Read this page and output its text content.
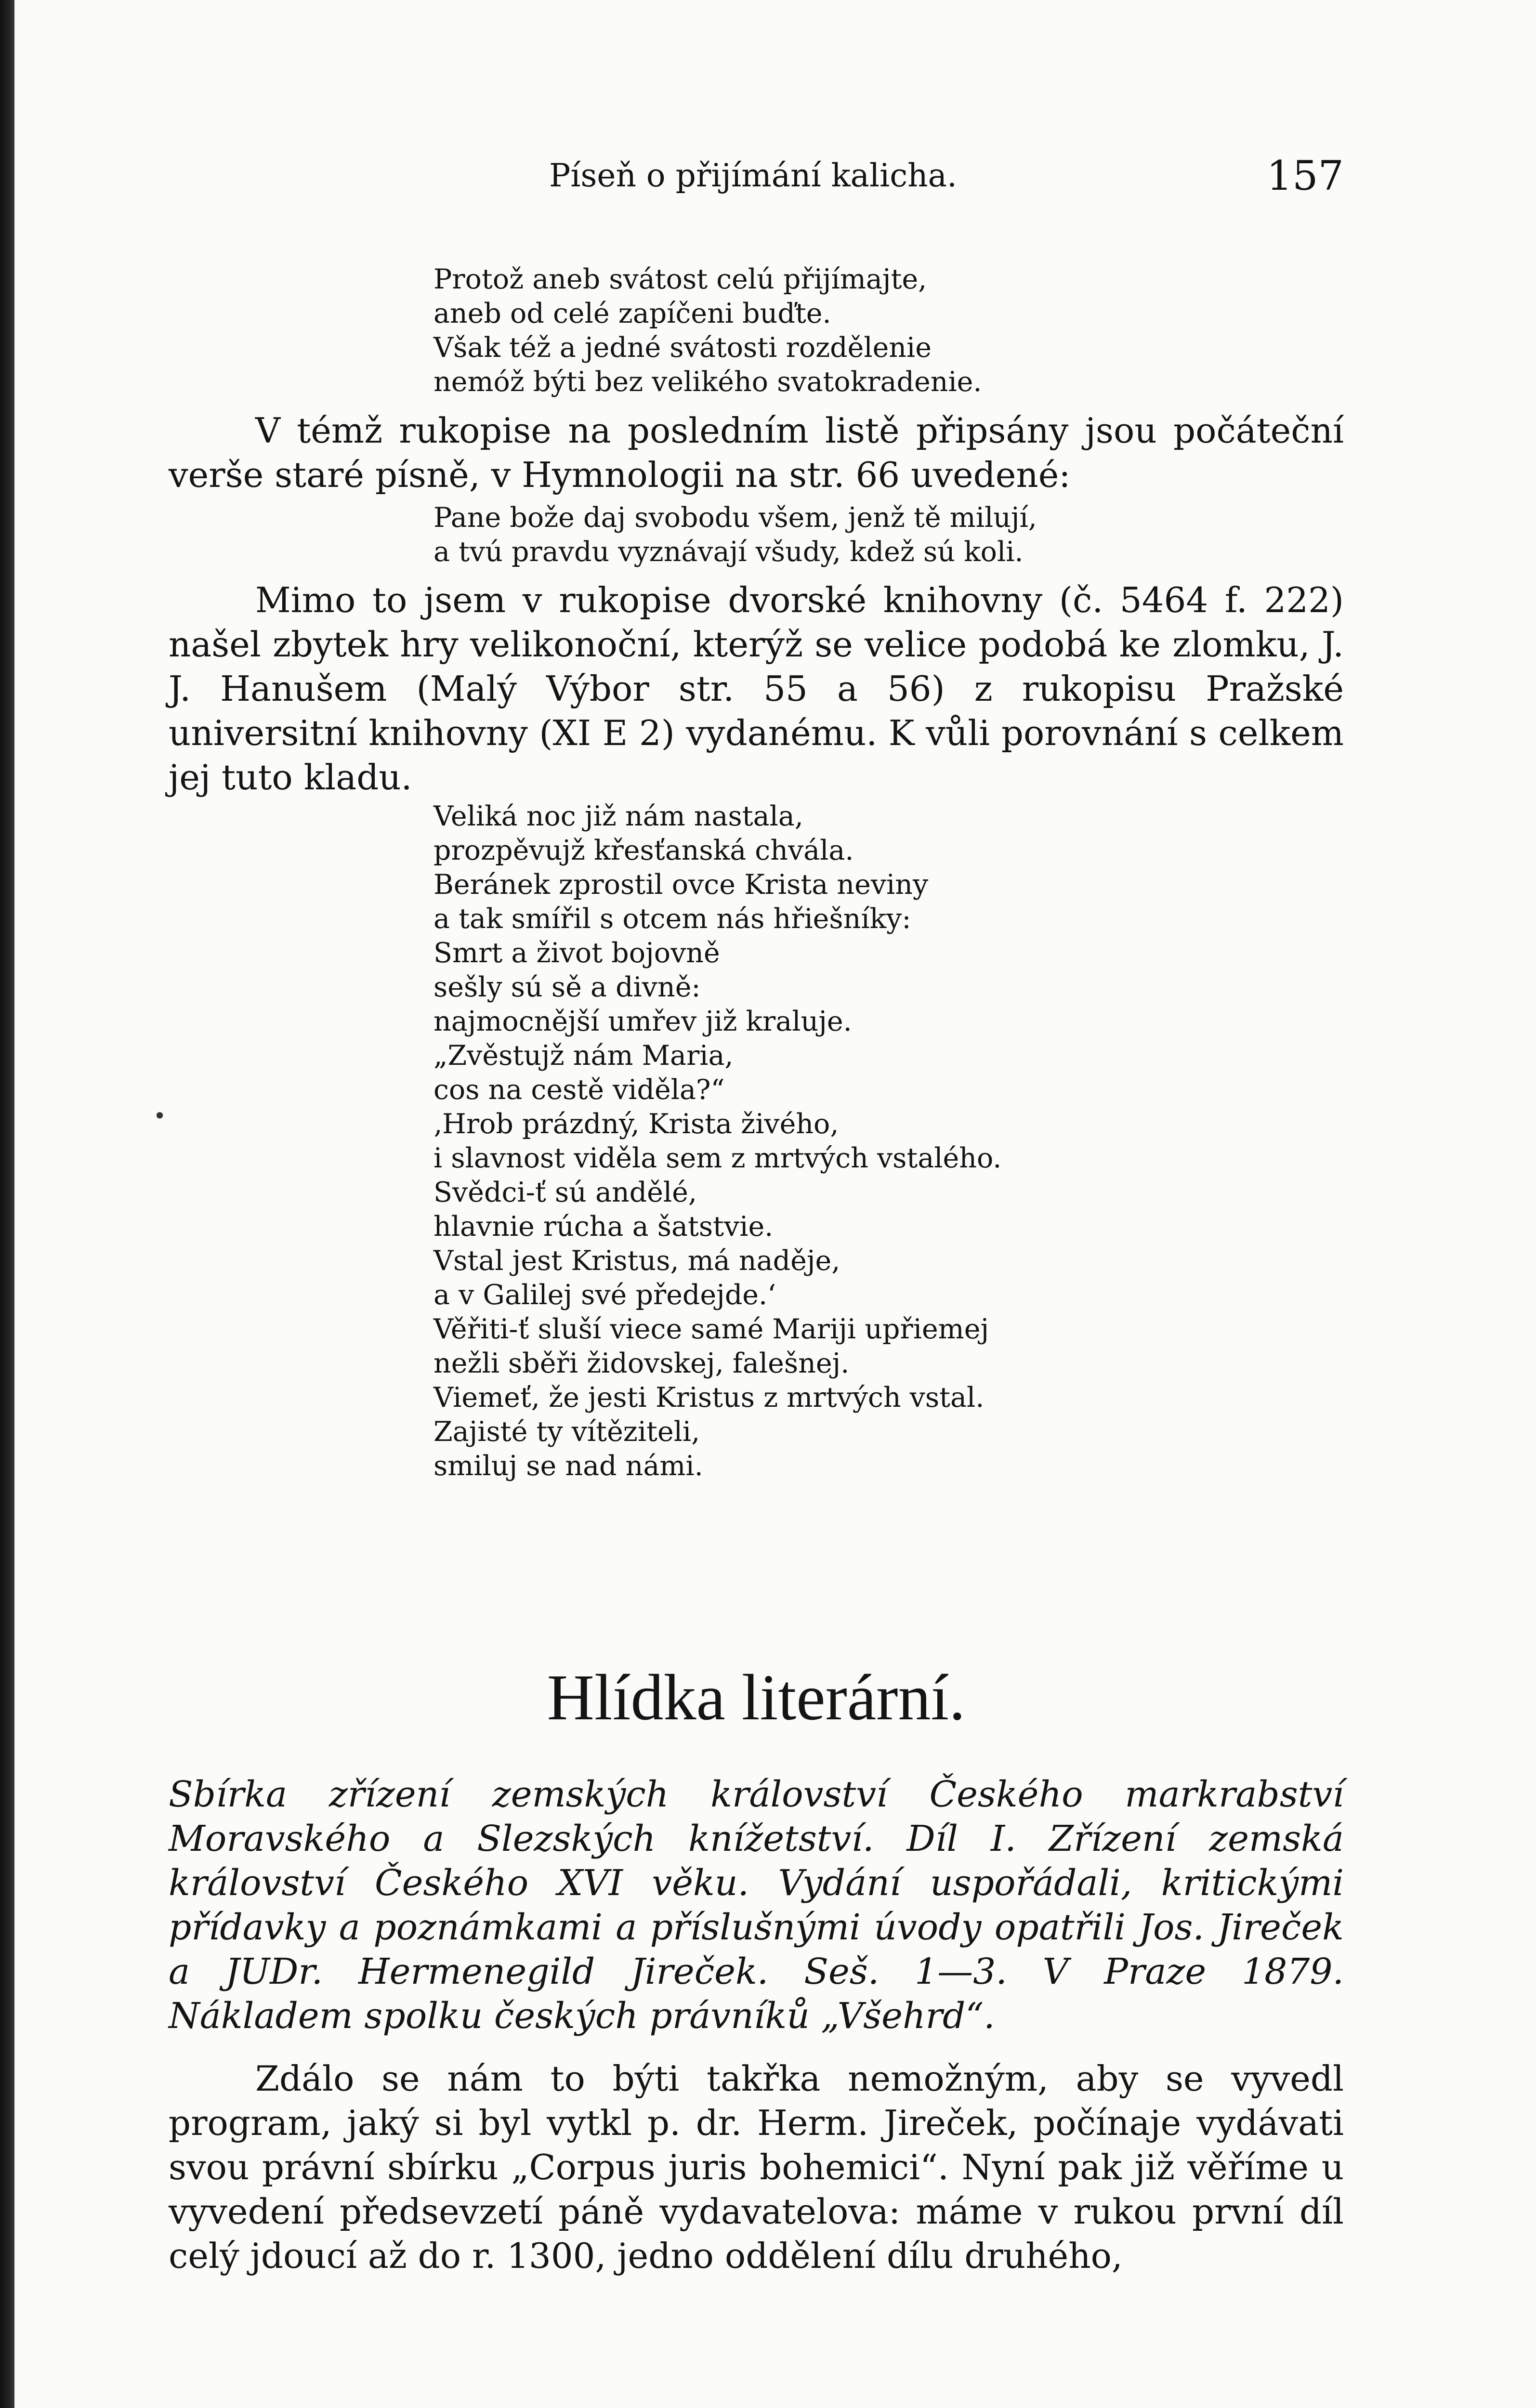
Píseň o přijímání kalicha.	157
Protož aneb svátost celú přijímajte,
aneb od celé zapíčeni buďte.
Však též a jedné svátosti rozdělenie
nemóž býti bez velikého svatokradenie.
V témž rukopise na posledním listě připsány jsou počáteční verše staré písně, v Hymnologii na str. 66 uvedené:
Pane bože daj svobodu všem, jenž tě milují,
a tvú pravdu vyznávají všudy, kdež sú koli.
Mimo to jsem v rukopise dvorské knihovny (č. 5464 f. 222) našel zbytek hry velikonoční, kterýž se velice podobá ke zlomku, J. J. Hanušem (Malý Výbor str. 55 a 56) z rukopisu Pražské universitní knihovny (XI E 2) vydanému. K vůli porovnání s celkem jej tuto kladu.
Veliká noc již nám nastala,
prozpěvujž křesťanská chvála.
Beránek zprostil ovce Krista neviny
a tak smířil s otcem nás hřiešníky:
Smrt a život bojovně
sešly sú sě a divně:
najmocnější umřev již kraluje.
„Zvěstujž nám Maria,
cos na cestě viděla?“
‚Hrob prázdný, Krista živého,
i slavnost viděla sem z mrtvých vstalého.
Svědci-ť sú andělé,
hlavnie rúcha a šatstvie.
Vstal jest Kristus, má naděje,
a v Galilej své předejde.‘
Věřiti-ť sluší viece samé Mariji upřiemej
nežli sběři židovskej, falešnej.
Viemeť, že jesti Kristus z mrtvých vstal.
Zajisté ty vítěziteli,
smiluj se nad námi.
•
Hlídka literární.
Sbírka zřízení zemských království Českého markrabství Moravského a Slezských knížetství. Díl I. Zřízení zemská království Českého XVI věku. Vydání uspořádali, kritickými přídavky a poznámkami a příslušnými úvody opatřili Jos. Jireček a JUDr. Hermenegild Jireček. Seš. 1—3. V Praze 1879. Nákladem spolku českých právníků „Všehrd“.
Zdálo se nám to býti takřka nemožným, aby se vyvedl program, jaký si byl vytkl p. dr. Herm. Jireček, počínaje vydávati svou právní sbírku „Corpus juris bohemici“. Nyní pak již věříme u vyvedení předsevzetí páně vydavatelova: máme v rukou první díl celý jdoucí až do r. 1300, jedno oddělení dílu druhého,
